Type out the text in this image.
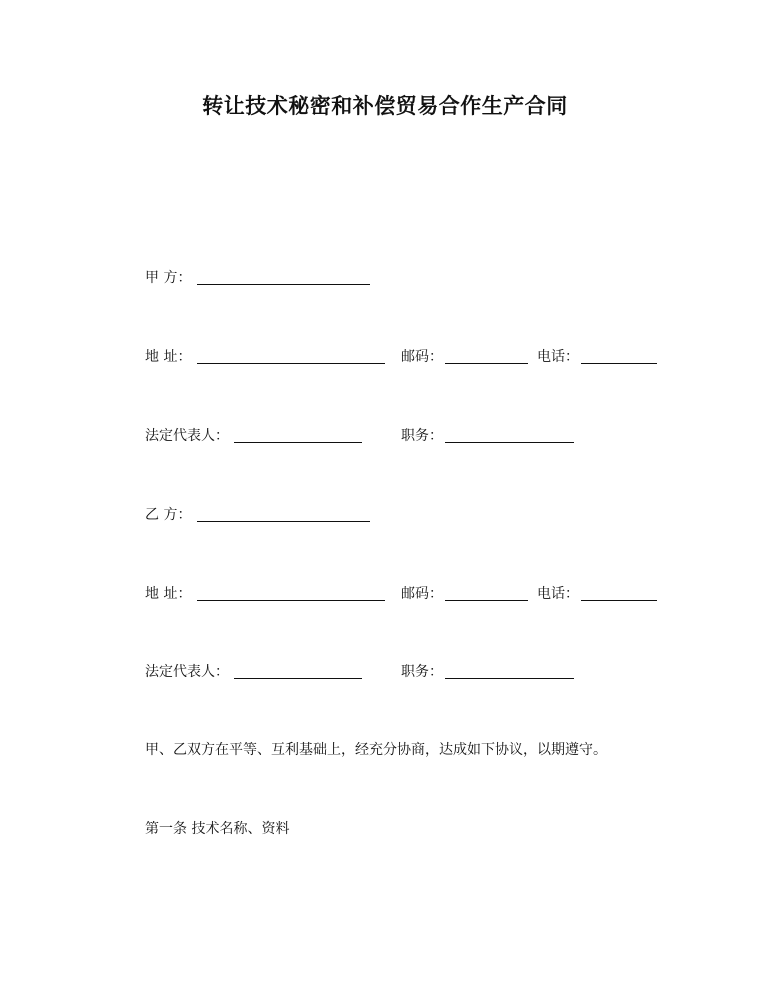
转让技术秘密和补偿贸易合作生产合同
甲 方：
地 址：	邮码：	电话：
法定代表人：	职务：
乙 方：
地 址：	邮码：	电话：
法定代表人：	职务：
甲、乙双方在平等、互利基础上，经充分协商，达成如下协议，以期遵守。
第一条 技术名称、资料
